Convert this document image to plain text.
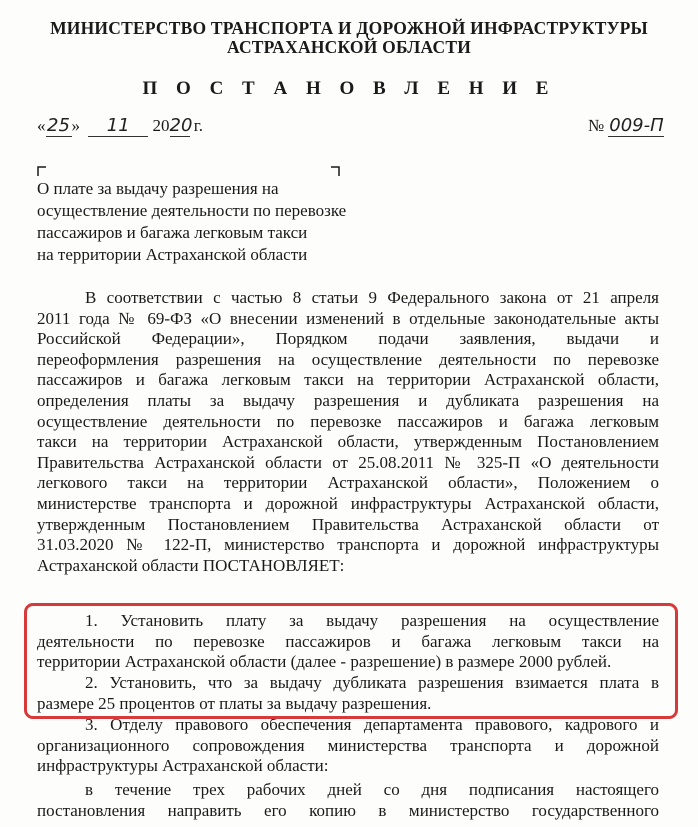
МИНИСТЕРСТВО ТРАНСПОРТА И ДОРОЖНОЙ ИНФРАСТРУКТУРЫ
АСТРАХАНСКОЙ ОБЛАСТИ
П О С Т А Н О В Л Е Н И Е
«25» 11 2020 г.	№ 009-П
О плате за выдачу разрешения на
осуществление деятельности по перевозке
пассажиров и багажа легковым такси
на территории Астраханской области
В соответствии с частью 8 статьи 9 Федерального закона от 21 апреля
2011 года № 69-ФЗ «О внесении изменений в отдельные законодательные акты
Российской Федерации», Порядком подачи заявления, выдачи и
переоформления разрешения на осуществление деятельности по перевозке
пассажиров и багажа легковым такси на территории Астраханской области,
определения платы за выдачу разрешения и дубликата разрешения на
осуществление деятельности по перевозке пассажиров и багажа легковым
такси на территории Астраханской области, утвержденным Постановлением
Правительства Астраханской области от 25.08.2011 № 325-П «О деятельности
легкового такси на территории Астраханской области», Положением о
министерстве транспорта и дорожной инфраструктуры Астраханской области,
утвержденным Постановлением Правительства Астраханской области от
31.03.2020 № 122-П, министерство транспорта и дорожной инфраструктуры
Астраханской области ПОСТАНОВЛЯЕТ:
1. Установить плату за выдачу разрешения на осуществление
деятельности по перевозке пассажиров и багажа легковым такси на
территории Астраханской области (далее - разрешение) в размере 2000 рублей.
2. Установить, что за выдачу дубликата разрешения взимается плата в
размере 25 процентов от платы за выдачу разрешения.
3. Отделу правового обеспечения департамента правового, кадрового и
организационного сопровождения министерства транспорта и дорожной
инфраструктуры Астраханской области:
в течение трех рабочих дней со дня подписания настоящего
постановления направить его копию в министерство государственного
